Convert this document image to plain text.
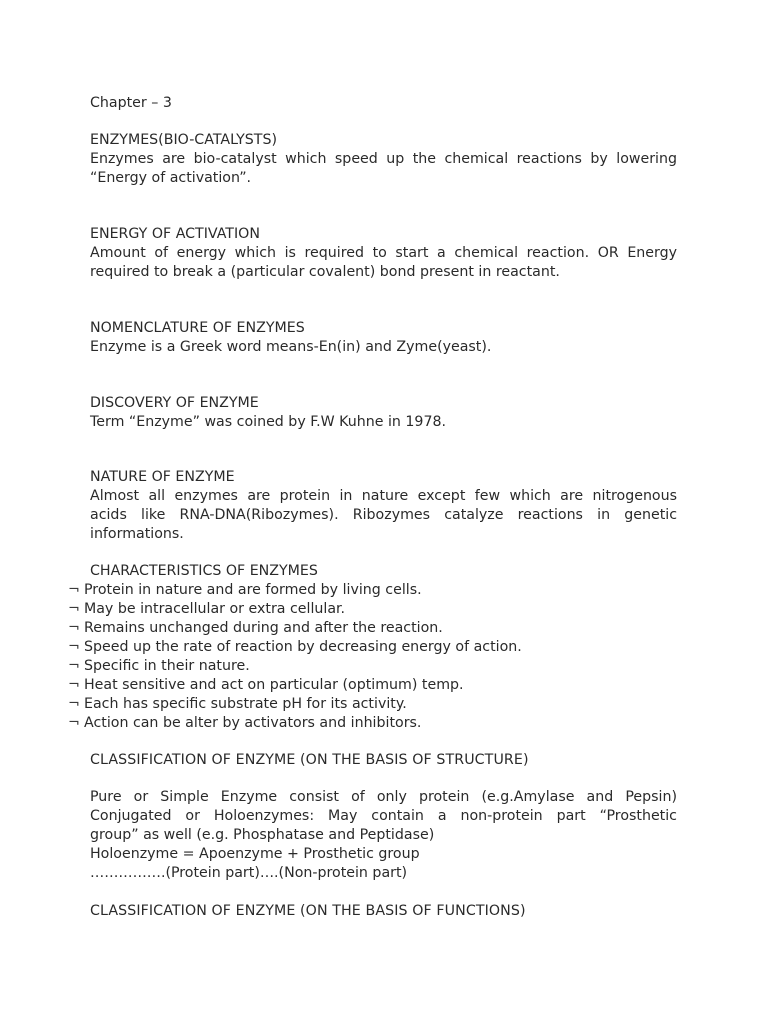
Chapter – 3
ENZYMES(BIO-CATALYSTS)
Enzymes are bio-catalyst which speed up the chemical reactions by lowering
“Energy of activation”.
ENERGY OF ACTIVATION
Amount of energy which is required to start a chemical reaction. OR Energy
required to break a (particular covalent) bond present in reactant.
NOMENCLATURE OF ENZYMES
Enzyme is a Greek word means-En(in) and Zyme(yeast).
DISCOVERY OF ENZYME
Term “Enzyme” was coined by F.W Kuhne in 1978.
NATURE OF ENZYME
Almost all enzymes are protein in nature except few which are nitrogenous
acids like RNA-DNA(Ribozymes). Ribozymes catalyze reactions in genetic
informations.
CHARACTERISTICS OF ENZYMES
¬ Protein in nature and are formed by living cells.
¬ May be intracellular or extra cellular.
¬ Remains unchanged during and after the reaction.
¬ Speed up the rate of reaction by decreasing energy of action.
¬ Specific in their nature.
¬ Heat sensitive and act on particular (optimum) temp.
¬ Each has specific substrate pH for its activity.
¬ Action can be alter by activators and inhibitors.
CLASSIFICATION OF ENZYME (ON THE BASIS OF STRUCTURE)
Pure or Simple Enzyme consist of only protein (e.g.Amylase and Pepsin)
Conjugated or Holoenzymes: May contain a non-protein part “Prosthetic
group” as well (e.g. Phosphatase and Peptidase)
Holoenzyme = Apoenzyme + Prosthetic group
…………….(Protein part)….(Non-protein part)
CLASSIFICATION OF ENZYME (ON THE BASIS OF FUNCTIONS)
